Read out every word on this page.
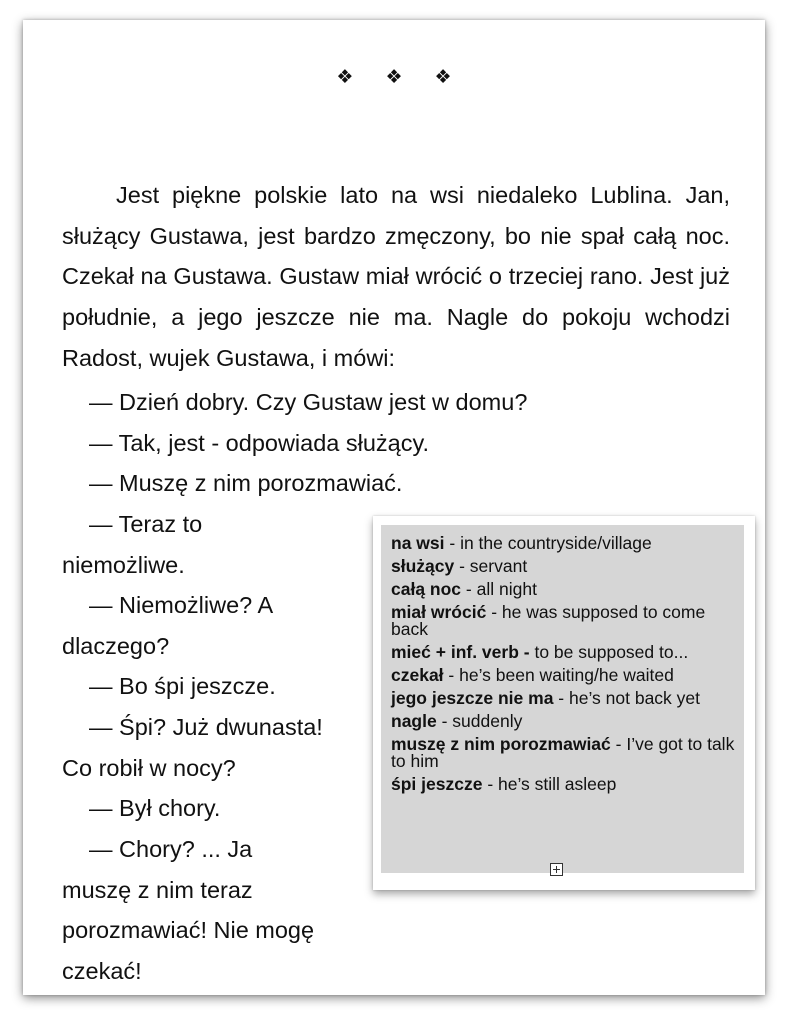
❖ ❖ ❖

Jest piękne polskie lato na wsi niedaleko Lublina. Jan, służący Gustawa, jest bardzo zmęczony, bo nie spał całą noc. Czekał na Gustawa. Gustaw miał wrócić o trzeciej rano. Jest już południe, a jego jeszcze nie ma. Nagle do pokoju wchodzi Radost, wujek Gustawa, i mówi:

— Dzień dobry. Czy Gustaw jest w domu?

— Tak, jest - odpowiada służący.

— Muszę z nim porozmawiać.

— Teraz to

niemożliwe.

— Niemożliwe? A

dlaczego?

— Bo śpi jeszcze.

— Śpi? Już dwunasta!

Co robił w nocy?

— Był chory.

— Chory? ... Ja

muszę z nim teraz

porozmawiać! Nie mogę

czekać!

na wsi - in the countryside/village
służący - servant
całą noc - all night
miał wrócić - he was supposed to come back
mieć + inf. verb - to be supposed to...
czekał - he’s been waiting/he waited
jego jeszcze nie ma - he’s not back yet
nagle - suddenly
muszę z nim porozmawiać - I’ve got to talk to him
śpi jeszcze - he’s still asleep
